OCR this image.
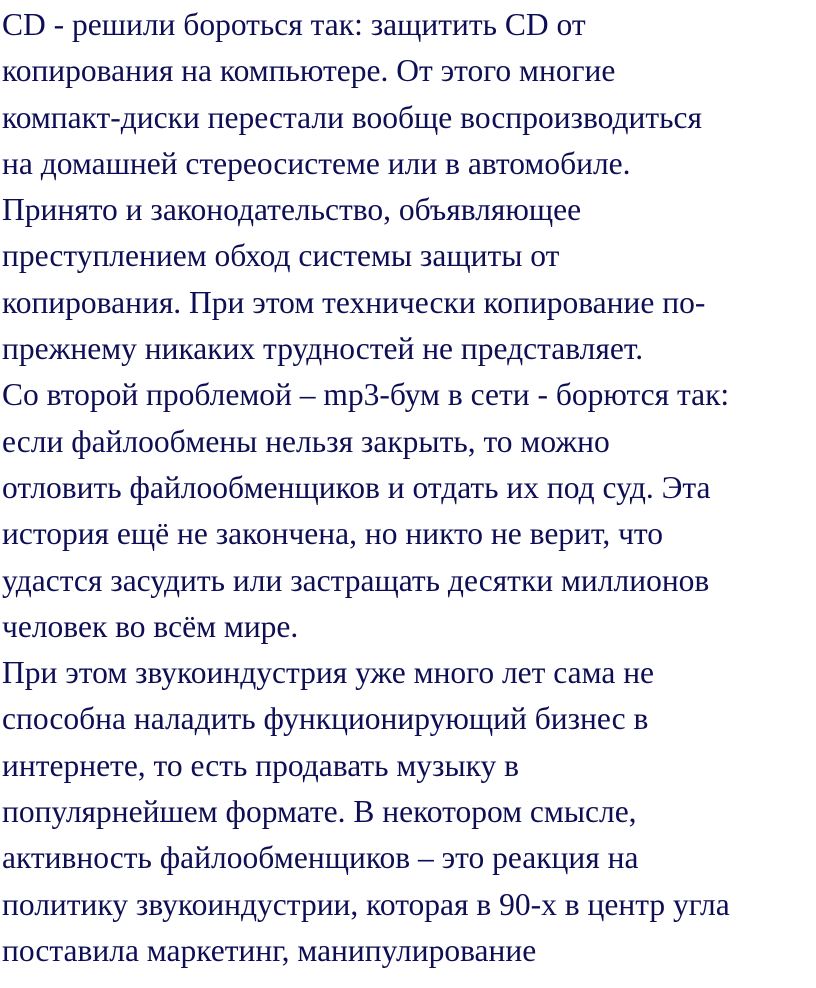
CD - решили бороться так: защитить CD от
копирования на компьютере. От этого многие
компакт-диски перестали вообще воспроизводиться
на домашней стереосистеме или в автомобиле.
Принято и законодательство, объявляющее
преступлением обход системы защиты от
копирования. При этом технически копирование по-
прежнему никаких трудностей не представляет.

Со второй проблемой – mp3-бум в сети - борются так:
если файлообмены нельзя закрыть, то можно
отловить файлообменщиков и отдать их под суд. Эта
история ещё не закончена, но никто не верит, что
удастся засудить или застращать десятки миллионов
человек во всём мире.

При этом звукоиндустрия уже много лет сама не
способна наладить функционирующий бизнес в
интернете, то есть продавать музыку в
популярнейшем формате. В некотором смысле,
активность файлообменщиков – это реакция на
политику звукоиндустрии, которая в 90-х в центр угла
поставила маркетинг, манипулирование
